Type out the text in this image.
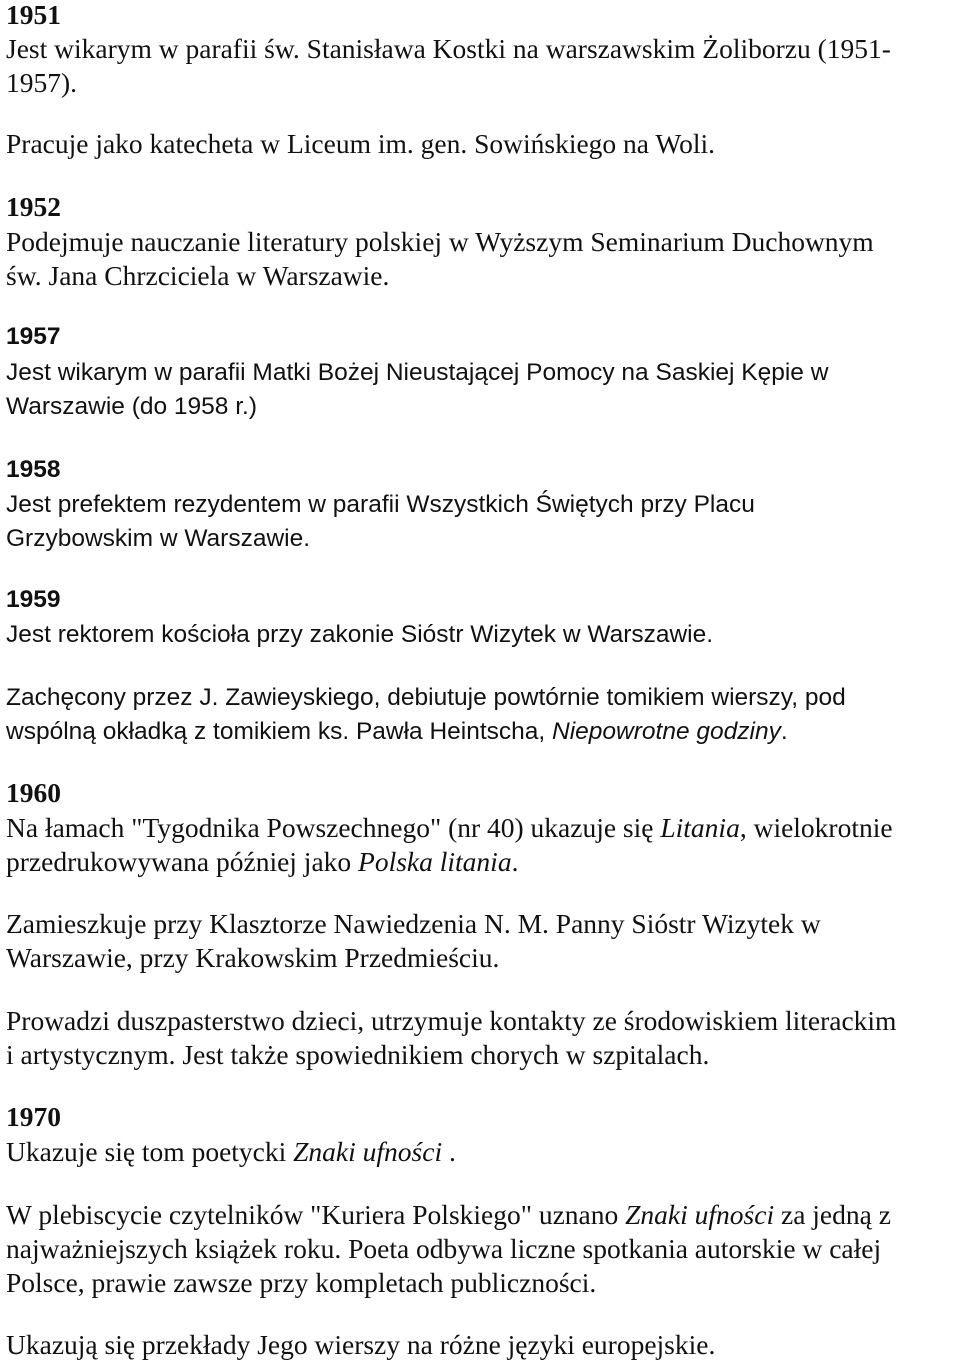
1951
Jest wikarym w parafii św. Stanisława Kostki na warszawskim Żoliborzu (1951-
1957).
Pracuje jako katecheta w Liceum im. gen. Sowińskiego na Woli.
1952
Podejmuje nauczanie literatury polskiej w Wyższym Seminarium Duchownym
św. Jana Chrzciciela w Warszawie.
1957
Jest wikarym w parafii Matki Bożej Nieustającej Pomocy na Saskiej Kępie w
Warszawie (do 1958 r.)
1958
Jest prefektem rezydentem w parafii Wszystkich Świętych przy Placu
Grzybowskim w Warszawie.
1959
Jest rektorem kościoła przy zakonie Sióstr Wizytek w Warszawie.
Zachęcony przez J. Zawieyskiego, debiutuje powtórnie tomikiem wierszy, pod
wspólną okładką z tomikiem ks. Pawła Heintscha, Niepowrotne godziny.
1960
Na łamach "Tygodnika Powszechnego" (nr 40) ukazuje się Litania, wielokrotnie
przedrukowywana później jako Polska litania.
Zamieszkuje przy Klasztorze Nawiedzenia N. M. Panny Sióstr Wizytek w
Warszawie, przy Krakowskim Przedmieściu.
Prowadzi duszpasterstwo dzieci, utrzymuje kontakty ze środowiskiem literackim
i artystycznym. Jest także spowiednikiem chorych w szpitalach.
1970
Ukazuje się tom poetycki Znaki ufności .
W plebiscycie czytelników "Kuriera Polskiego" uznano Znaki ufności za jedną z
najważniejszych książek roku. Poeta odbywa liczne spotkania autorskie w całej
Polsce, prawie zawsze przy kompletach publiczności.
Ukazują się przekłady Jego wierszy na różne języki europejskie.
